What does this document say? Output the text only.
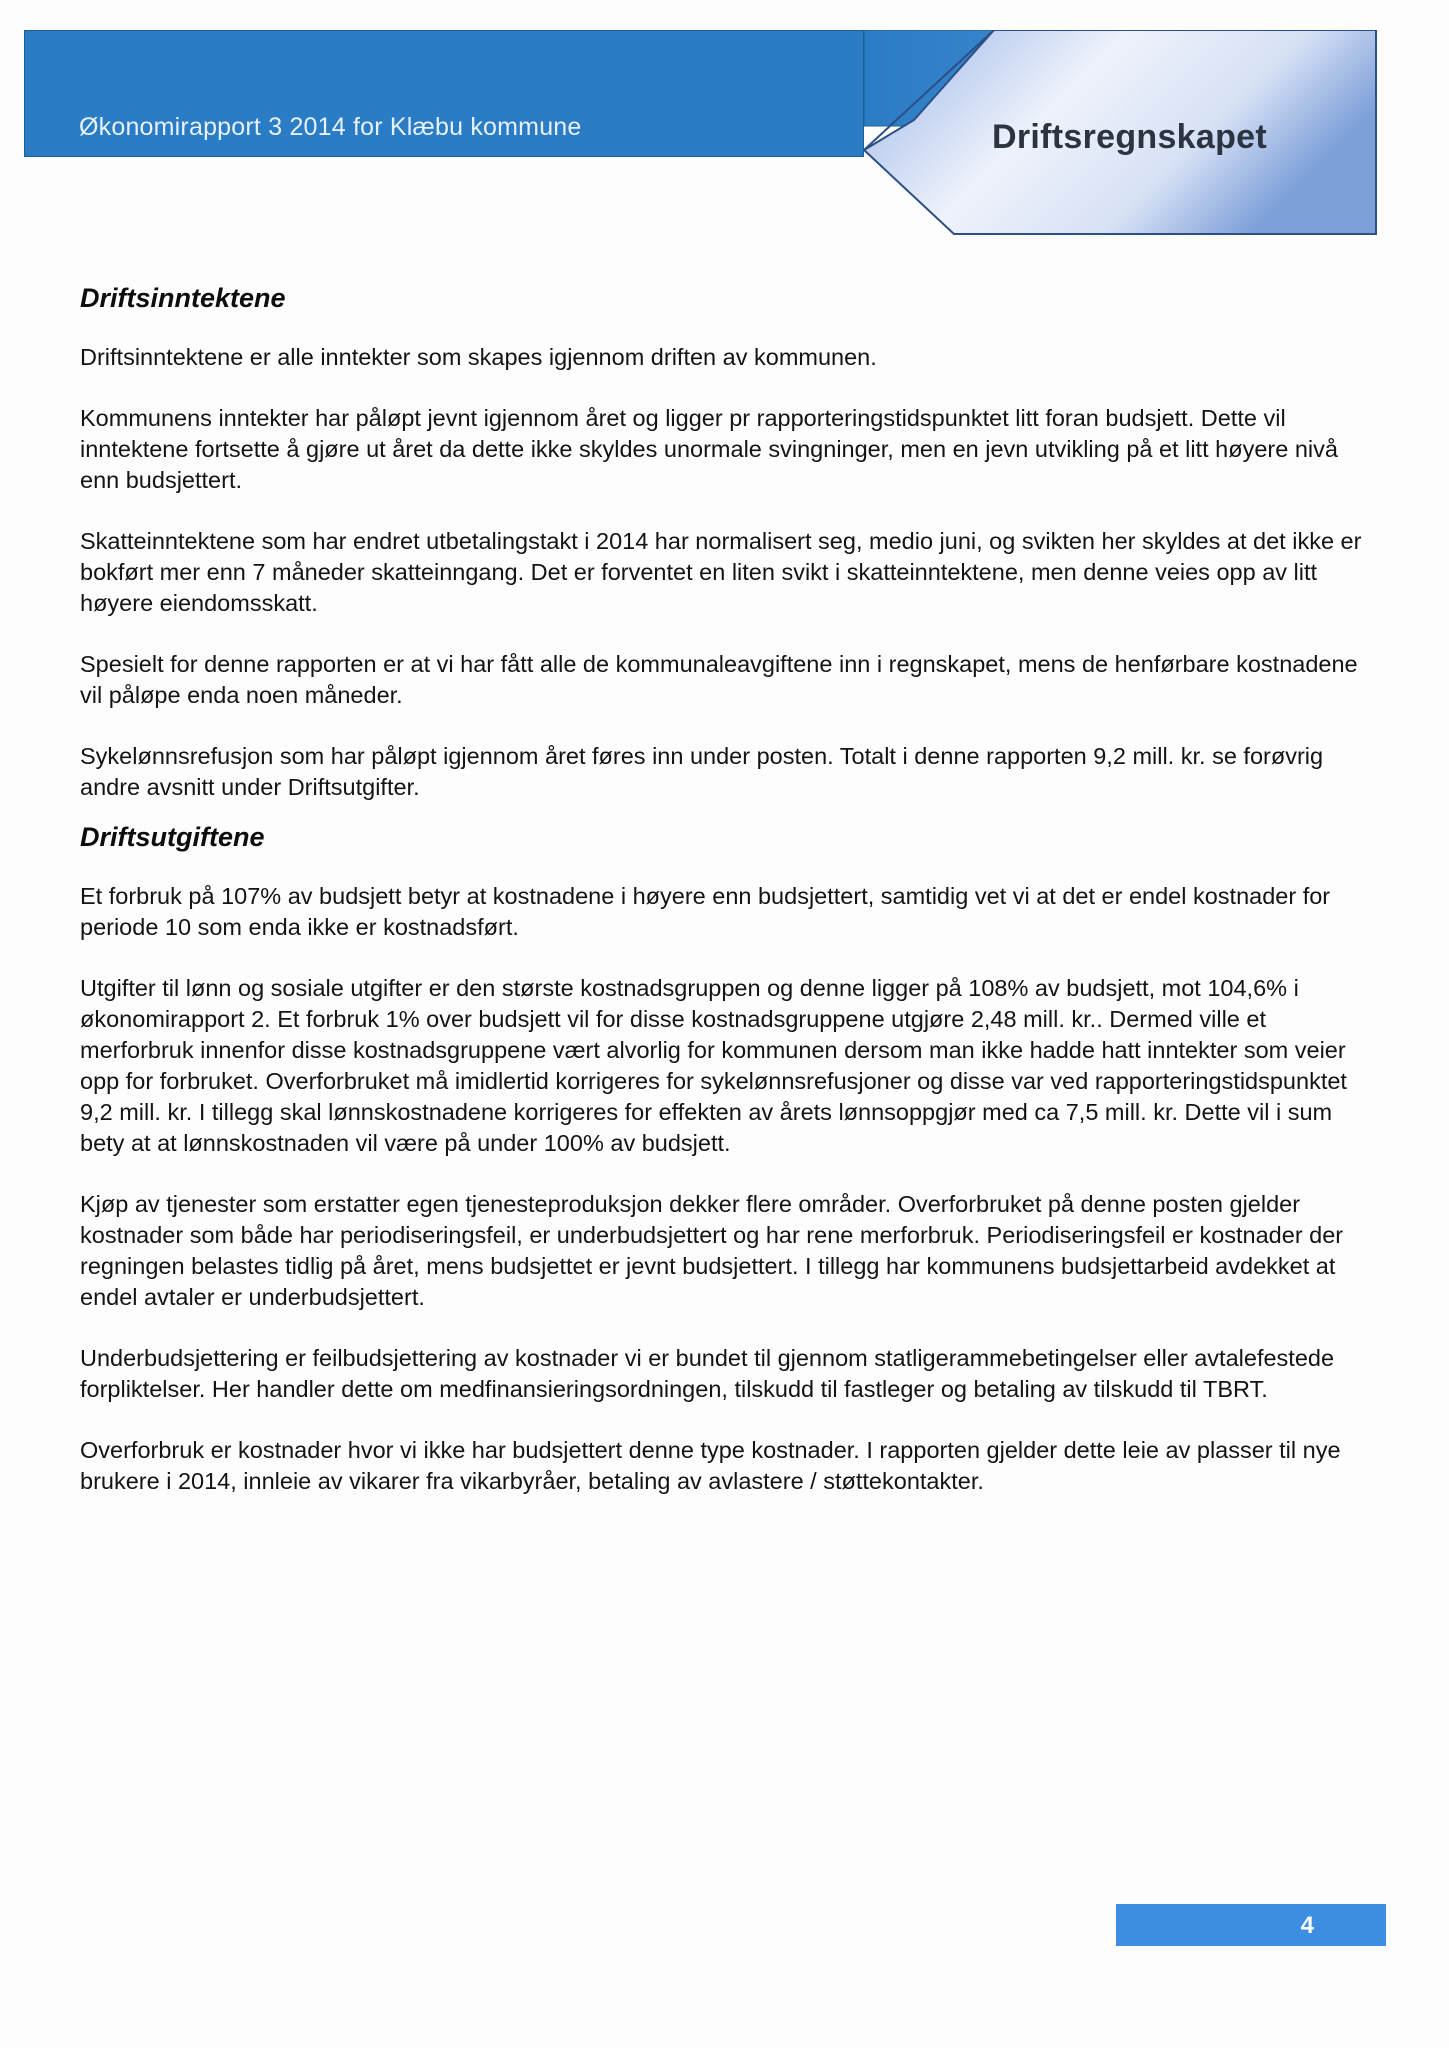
Økonomirapport 3 2014 for Klæbu kommune	Driftsregnskapet
Driftsinntektene

Driftsinntektene er alle inntekter som skapes igjennom driften av kommunen.

Kommunens inntekter har påløpt jevnt igjennom året og ligger pr rapporteringstidspunktet litt foran budsjett. Dette vil inntektene fortsette å gjøre ut året da dette ikke skyldes unormale svingninger, men en jevn utvikling på et litt høyere nivå enn budsjettert.

Skatteinntektene som har endret utbetalingstakt i 2014 har normalisert seg, medio juni, og svikten her skyldes at det ikke er bokført mer enn 7 måneder skatteinngang. Det er forventet en liten svikt i skatteinntektene, men denne veies opp av litt høyere eiendomsskatt.

Spesielt for denne rapporten er at vi har fått alle de kommunaleavgiftene inn i regnskapet, mens de henførbare kostnadene vil påløpe enda noen måneder.

Sykelønnsrefusjon som har påløpt igjennom året føres inn under posten. Totalt i denne rapporten 9,2 mill. kr. se forøvrig andre avsnitt under Driftsutgifter.

Driftsutgiftene

Et forbruk på 107% av budsjett betyr at kostnadene i høyere enn budsjettert, samtidig vet vi at det er endel kostnader for periode 10 som enda ikke er kostnadsført.

Utgifter til lønn og sosiale utgifter er den største kostnadsgruppen og denne ligger på 108% av budsjett, mot 104,6% i økonomirapport 2. Et forbruk 1% over budsjett vil for disse kostnadsgruppene utgjøre 2,48 mill. kr.. Dermed ville et merforbruk innenfor disse kostnadsgruppene vært alvorlig for kommunen dersom man ikke hadde hatt inntekter som veier opp for forbruket. Overforbruket må imidlertid korrigeres for sykelønnsrefusjoner og disse var ved rapporteringstidspunktet 9,2 mill. kr. I tillegg skal lønnskostnadene korrigeres for effekten av årets lønnsoppgjør med ca 7,5 mill. kr. Dette vil i sum bety at at lønnskostnaden vil være på under 100% av budsjett.

Kjøp av tjenester som erstatter egen tjenesteproduksjon dekker flere områder. Overforbruket på denne posten gjelder kostnader som både har periodiseringsfeil, er underbudsjettert og har rene merforbruk. Periodiseringsfeil er kostnader der regningen belastes tidlig på året, mens budsjettet er jevnt budsjettert. I tillegg har kommunens budsjettarbeid avdekket at endel avtaler er underbudsjettert.

Underbudsjettering er feilbudsjettering av kostnader vi er bundet til gjennom statligerammebetingelser eller avtalefestede forpliktelser. Her handler dette om medfinansieringsordningen, tilskudd til fastleger og betaling av tilskudd til TBRT.

Overforbruk er kostnader hvor vi ikke har budsjettert denne type kostnader. I rapporten gjelder dette leie av plasser til nye brukere i 2014, innleie av vikarer fra vikarbyråer, betaling av avlastere / støttekontakter.

4
